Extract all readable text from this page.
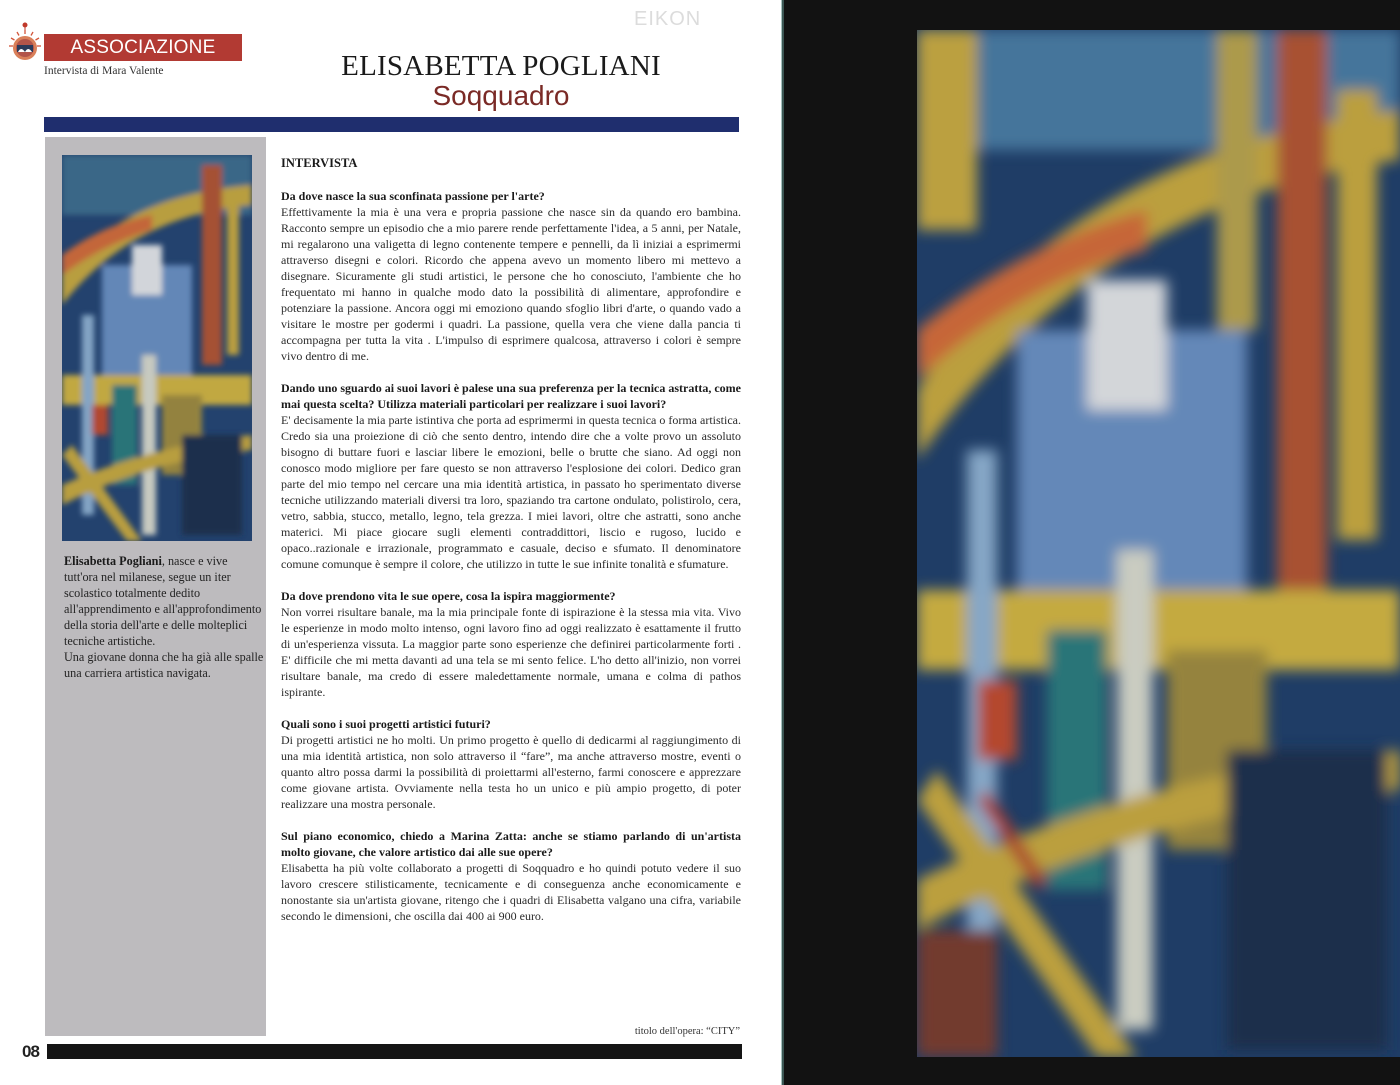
ASSOCIAZIONE
Intervista di Mara Valente
EIKON
ELISABETTA POGLIANI
Soqquadro
Elisabetta Pogliani, nasce e vive tutt'ora nel milanese, segue un iter scolastico totalmente dedito all'apprendimento e all'approfondimento della storia dell'arte e delle molteplici tecniche artistiche.
Una giovane donna che ha già alle spalle una carriera artistica navigata.
INTERVISTA
Da dove nasce la sua sconfinata passione per l'arte?
Effettivamente la mia è una vera e propria passione che nasce sin da quando ero bambina. Racconto sempre un episodio che a mio parere rende perfettamente l'idea, a 5 anni, per Natale, mi regalarono una valigetta di legno contenente tempere e pennelli, da lì iniziai a esprimermi attraverso disegni e colori. Ricordo che appena avevo un momento libero mi mettevo a disegnare. Sicuramente gli studi artistici, le persone che ho conosciuto, l'ambiente che ho frequentato mi hanno in qualche modo dato la possibilità di alimentare, approfondire e potenziare la passione. Ancora oggi mi emoziono quando sfoglio libri d'arte, o quando vado a visitare le mostre per godermi i quadri. La passione, quella vera che viene dalla pancia ti accompagna per tutta la vita . L'impulso di esprimere qualcosa, attraverso i colori è sempre vivo dentro di me.
Dando uno sguardo ai suoi lavori è palese una sua preferenza per la tecnica astratta, come mai questa scelta? Utilizza materiali particolari per realizzare i suoi lavori?
E' decisamente la mia parte istintiva che porta ad esprimermi in questa tecnica o forma artistica. Credo sia una proiezione di ciò che sento dentro, intendo dire che a volte provo un assoluto bisogno di buttare fuori e lasciar libere le emozioni, belle o brutte che siano. Ad oggi non conosco modo migliore per fare questo se non attraverso l'esplosione dei colori. Dedico gran parte del mio tempo nel cercare una mia identità artistica, in passato ho sperimentato diverse tecniche utilizzando materiali diversi tra loro, spaziando tra cartone ondulato, polistirolo, cera, vetro, sabbia, stucco, metallo, legno, tela grezza. I miei lavori, oltre che astratti, sono anche materici. Mi piace giocare sugli elementi contraddittori, liscio e rugoso, lucido e opaco..razionale e irrazionale, programmato e casuale, deciso e sfumato. Il denominatore comune comunque è sempre il colore, che utilizzo in tutte le sue infinite tonalità e sfumature.
Da dove prendono vita le sue opere, cosa la ispira maggiormente?
Non vorrei risultare banale, ma la mia principale fonte di ispirazione è la stessa mia vita. Vivo le esperienze in modo molto intenso, ogni lavoro fino ad oggi realizzato è esattamente il frutto di un'esperienza vissuta. La maggior parte sono esperienze che definirei particolarmente forti . E' difficile che mi metta davanti ad una tela se mi sento felice. L'ho detto all'inizio, non vorrei risultare banale, ma credo di essere maledettamente normale, umana e colma di pathos ispirante.
Quali sono i suoi progetti artistici futuri?
Di progetti artistici ne ho molti. Un primo progetto è quello di dedicarmi al raggiungimento di una mia identità artistica, non solo attraverso il “fare”, ma anche attraverso mostre, eventi o quanto altro possa darmi la possibilità di proiettarmi all'esterno, farmi conoscere e apprezzare come giovane artista. Ovviamente nella testa ho un unico e più ampio progetto, di poter realizzare una mostra personale.
Sul piano economico, chiedo a Marina Zatta: anche se stiamo parlando di un'artista molto giovane, che valore artistico dai alle sue opere?
Elisabetta ha più volte collaborato a progetti di Soqquadro e ho quindi potuto vedere il suo lavoro crescere stilisticamente, tecnicamente e di conseguenza anche economicamente e nonostante sia un'artista giovane, ritengo che i quadri di Elisabetta valgano una cifra, variabile secondo le dimensioni, che oscilla dai 400 ai 900 euro.
titolo dell'opera: “CITY”
08
